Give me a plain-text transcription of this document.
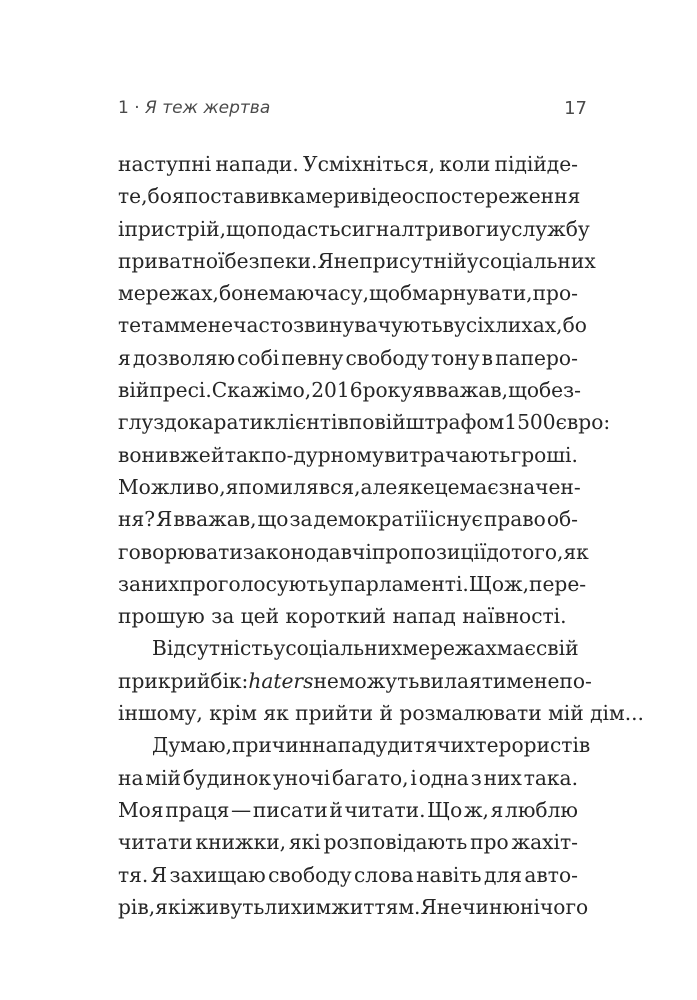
1 · Я теж жертва	17
наступні напади. Усміхніться, коли підійде-
те, бо я поставив камери відеоспостереження
і пристрій, що подасть сигнал тривоги у службу
приватної безпеки. Я не присутній у соціальних
мережах, бо не маю часу, щоб марнувати, про-
те там мене часто звинувачують в усіх лихах, бо
я дозволяю собі певну свободу тону в паперо-
вій пресі. Скажімо, 2016 року я вважав, що без-
глуздо карати клієнтів повій штрафом 1500 євро:
вони вже й так по-дурному витрачають гроші.
Можливо, я помилявся, але яке це має значен-
ня? Я вважав, що за демократії існує право об-
говорювати законодавчі пропозиції до того, як
за них проголосують у парламенті. Що ж, пере-
прошую за цей короткий напад наївності.
Відсутність у соціальних мережах має свій
прикрий бік: haters не можуть вилаяти мене по-
іншому, крім як прийти й розмалювати мій дім...
Думаю, причин нападу дитячих терористів
на мій будинок уночі багато, і одна з них така.
Моя праця — писати й читати. Що ж, я люблю
читати книжки, які розповідають про жахіт-
тя. Я захищаю свободу слова навіть для авто-
рів, які живуть лихим життям. Я не чиню нічого
